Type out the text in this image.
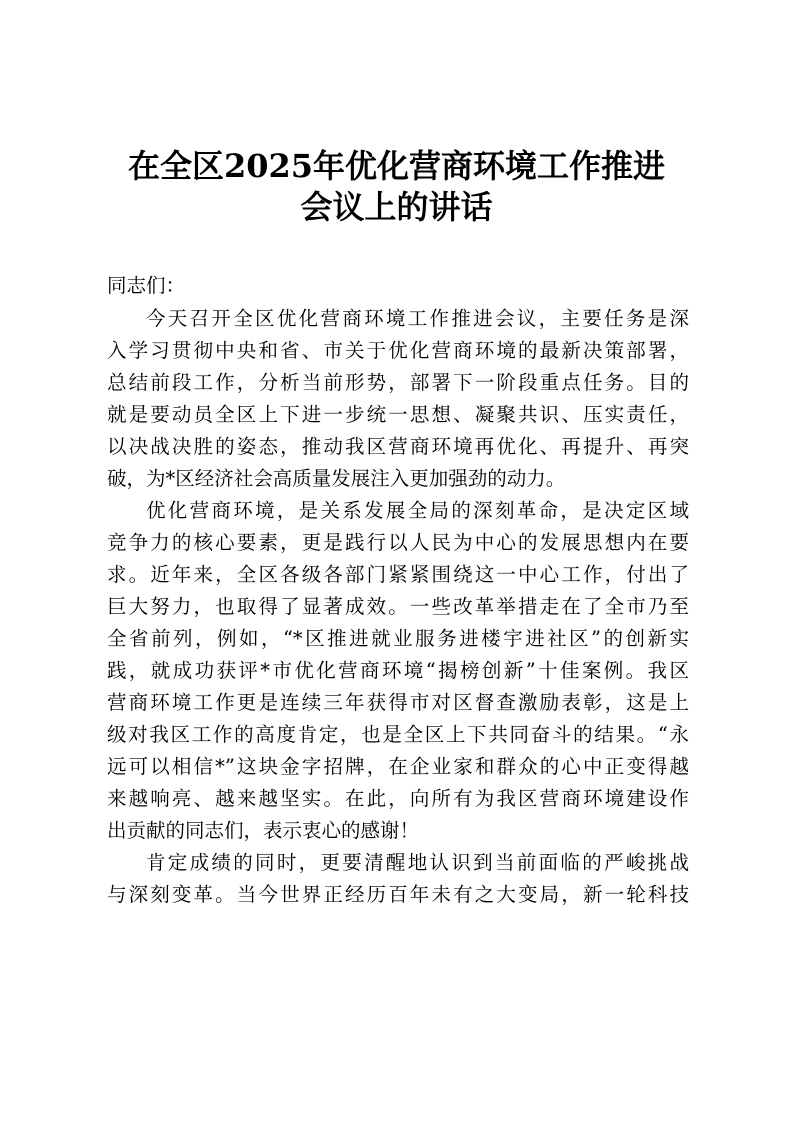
在全区2025年优化营商环境工作推进
会议上的讲话
同志们：
今天召开全区优化营商环境工作推进会议，主要任务是深
入学习贯彻中央和省、市关于优化营商环境的最新决策部署，
总结前段工作，分析当前形势，部署下一阶段重点任务。目的
就是要动员全区上下进一步统一思想、凝聚共识、压实责任，
以决战决胜的姿态，推动我区营商环境再优化、再提升、再突
破，为*区经济社会高质量发展注入更加强劲的动力。
优化营商环境，是关系发展全局的深刻革命，是决定区域
竞争力的核心要素，更是践行以人民为中心的发展思想内在要
求。近年来，全区各级各部门紧紧围绕这一中心工作，付出了
巨大努力，也取得了显著成效。一些改革举措走在了全市乃至
全省前列，例如，“*区推进就业服务进楼宇进社区”的创新实
践，就成功获评*市优化营商环境“揭榜创新”十佳案例。我区
营商环境工作更是连续三年获得市对区督查激励表彰，这是上
级对我区工作的高度肯定，也是全区上下共同奋斗的结果。“永
远可以相信*”这块金字招牌，在企业家和群众的心中正变得越
来越响亮、越来越坚实。在此，向所有为我区营商环境建设作
出贡献的同志们，表示衷心的感谢！
肯定成绩的同时，更要清醒地认识到当前面临的严峻挑战
与深刻变革。当今世界正经历百年未有之大变局，新一轮科技
